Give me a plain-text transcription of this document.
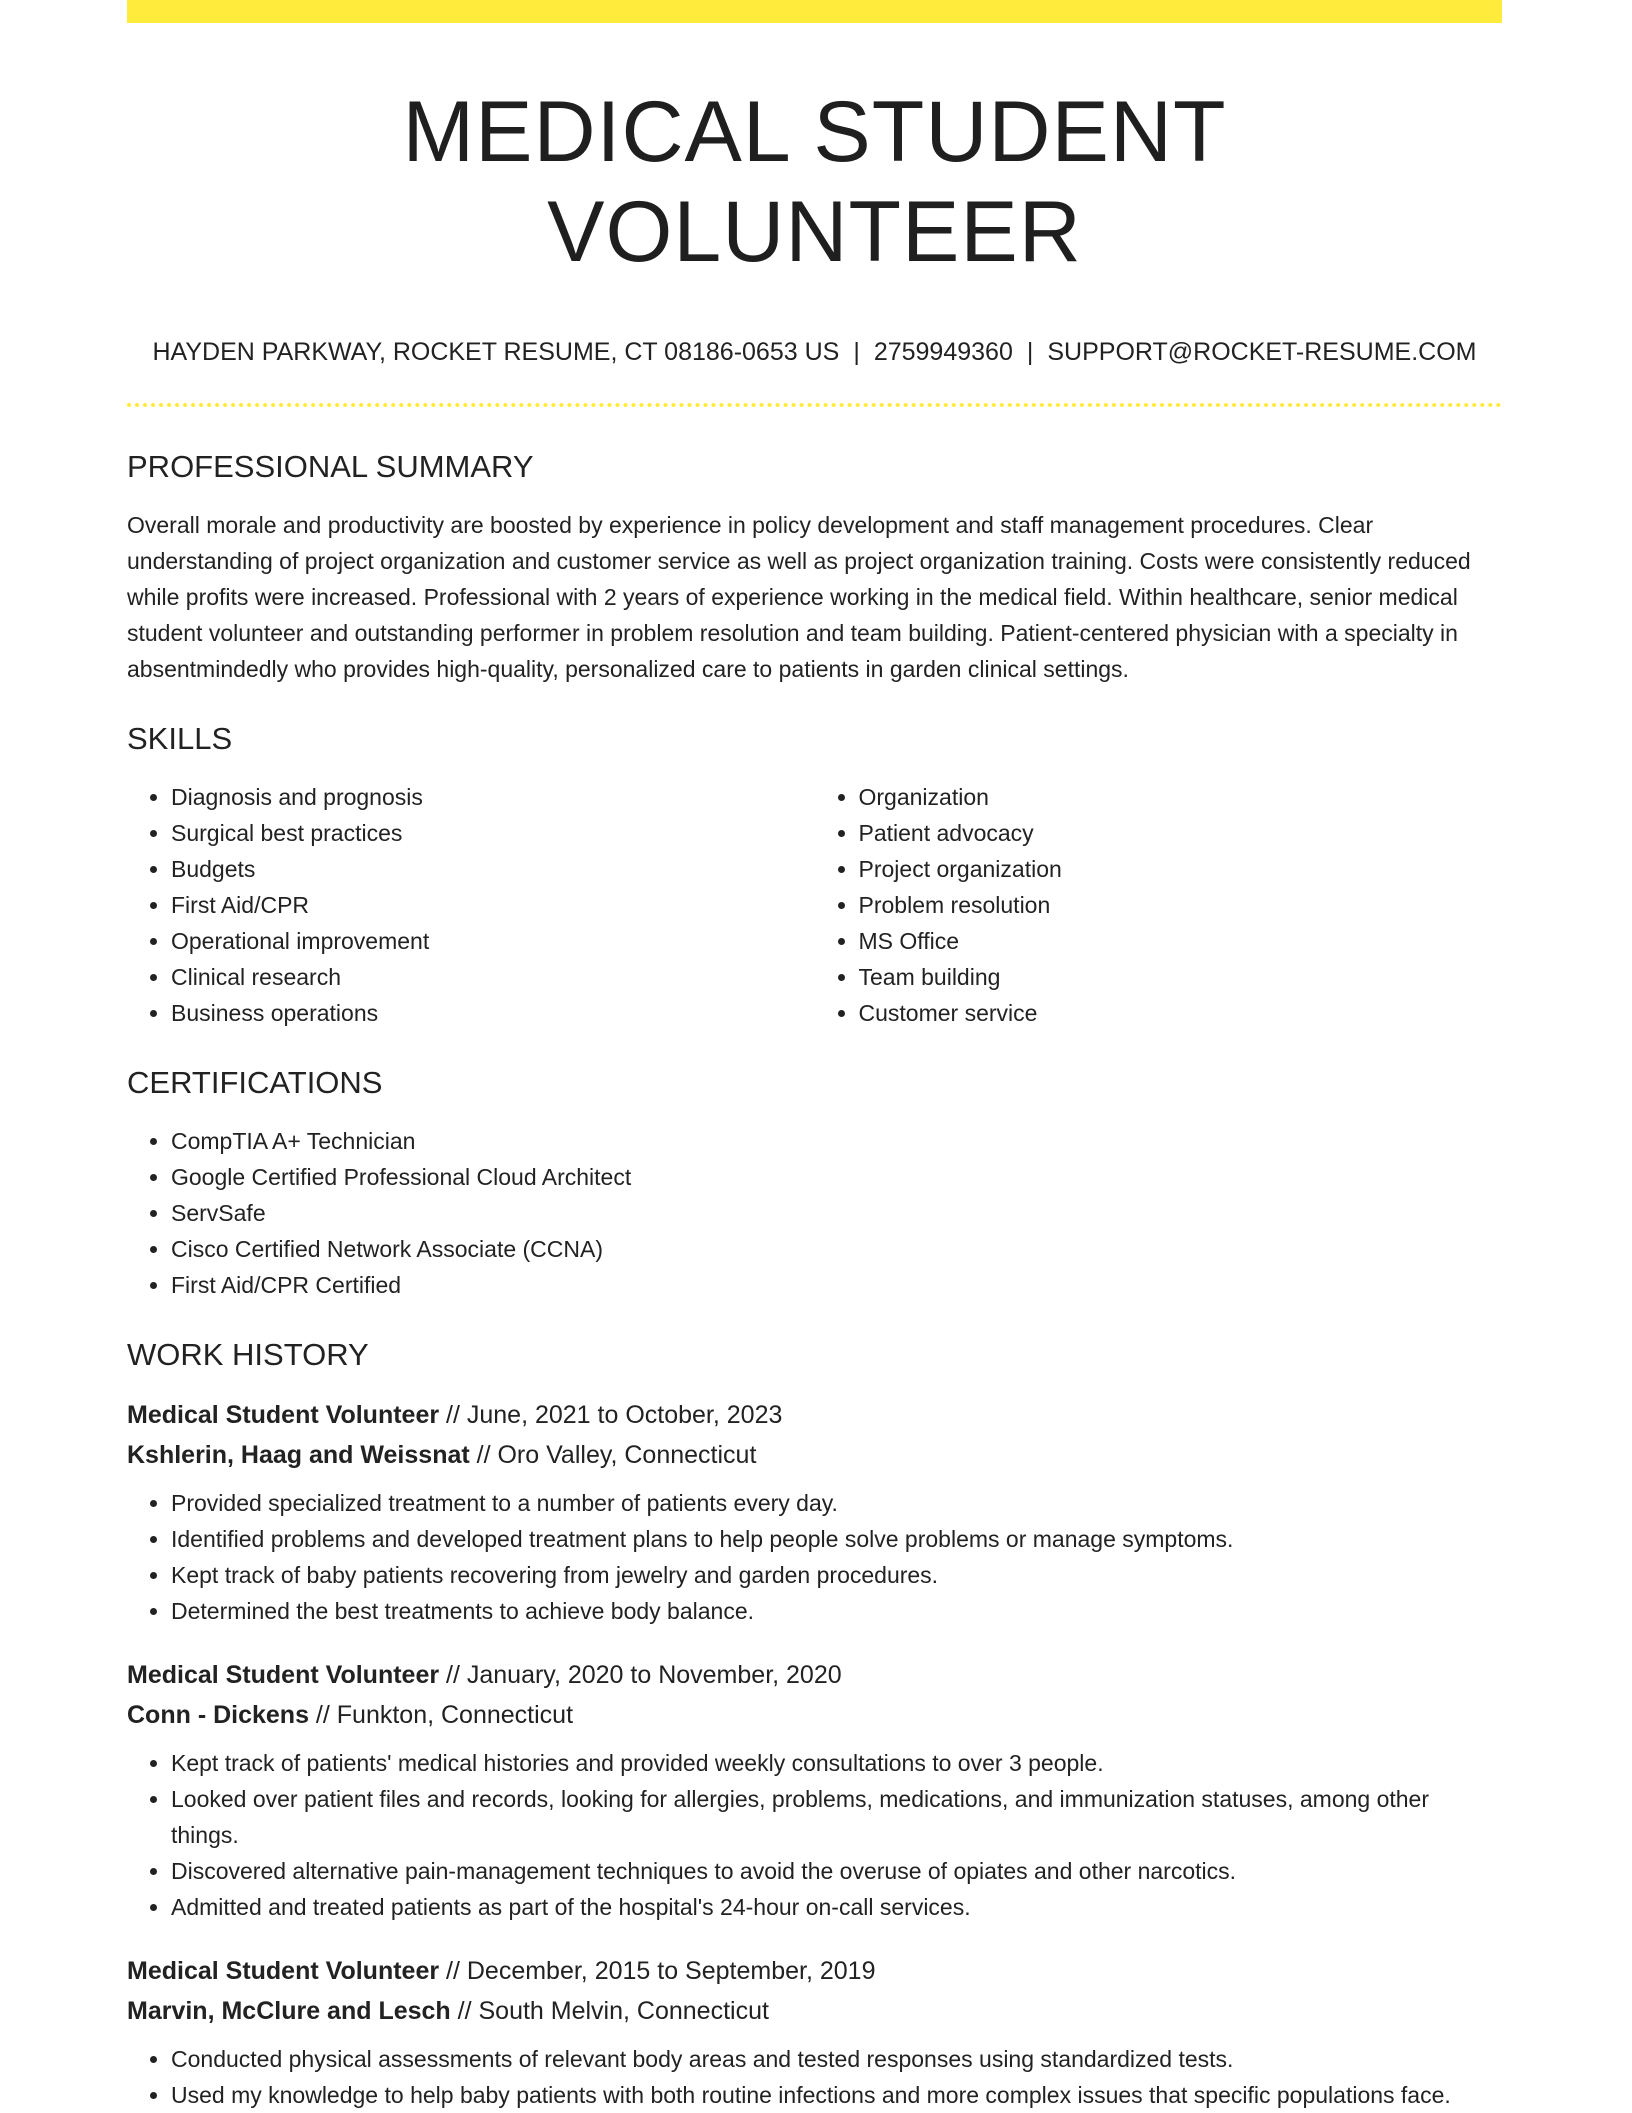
MEDICAL STUDENT VOLUNTEER
HAYDEN PARKWAY, ROCKET RESUME, CT 08186-0653 US | 2759949360 | SUPPORT@ROCKET-RESUME.COM
PROFESSIONAL SUMMARY

Overall morale and productivity are boosted by experience in policy development and staff management procedures. Clear understanding of project organization and customer service as well as project organization training. Costs were consistently reduced while profits were increased. Professional with 2 years of experience working in the medical field. Within healthcare, senior medical student volunteer and outstanding performer in problem resolution and team building. Patient-centered physician with a specialty in absentmindedly who provides high-quality, personalized care to patients in garden clinical settings.

SKILLS
• Diagnosis and prognosis
• Surgical best practices
• Budgets
• First Aid/CPR
• Operational improvement
• Clinical research
• Business operations
• Organization
• Patient advocacy
• Project organization
• Problem resolution
• MS Office
• Team building
• Customer service
CERTIFICATIONS
• CompTIA A+ Technician
• Google Certified Professional Cloud Architect
• ServSafe
• Cisco Certified Network Associate (CCNA)
• First Aid/CPR Certified
WORK HISTORY
Medical Student Volunteer // June, 2021 to October, 2023
Kshlerin, Haag and Weissnat // Oro Valley, Connecticut
• Provided specialized treatment to a number of patients every day.
• Identified problems and developed treatment plans to help people solve problems or manage symptoms.
• Kept track of baby patients recovering from jewelry and garden procedures.
• Determined the best treatments to achieve body balance.
Medical Student Volunteer // January, 2020 to November, 2020
Conn - Dickens // Funkton, Connecticut
• Kept track of patients' medical histories and provided weekly consultations to over 3 people.
• Looked over patient files and records, looking for allergies, problems, medications, and immunization statuses, among other things.
• Discovered alternative pain-management techniques to avoid the overuse of opiates and other narcotics.
• Admitted and treated patients as part of the hospital's 24-hour on-call services.
Medical Student Volunteer // December, 2015 to September, 2019
Marvin, McClure and Lesch // South Melvin, Connecticut
• Conducted physical assessments of relevant body areas and tested responses using standardized tests.
• Used my knowledge to help baby patients with both routine infections and more complex issues that specific populations face.
